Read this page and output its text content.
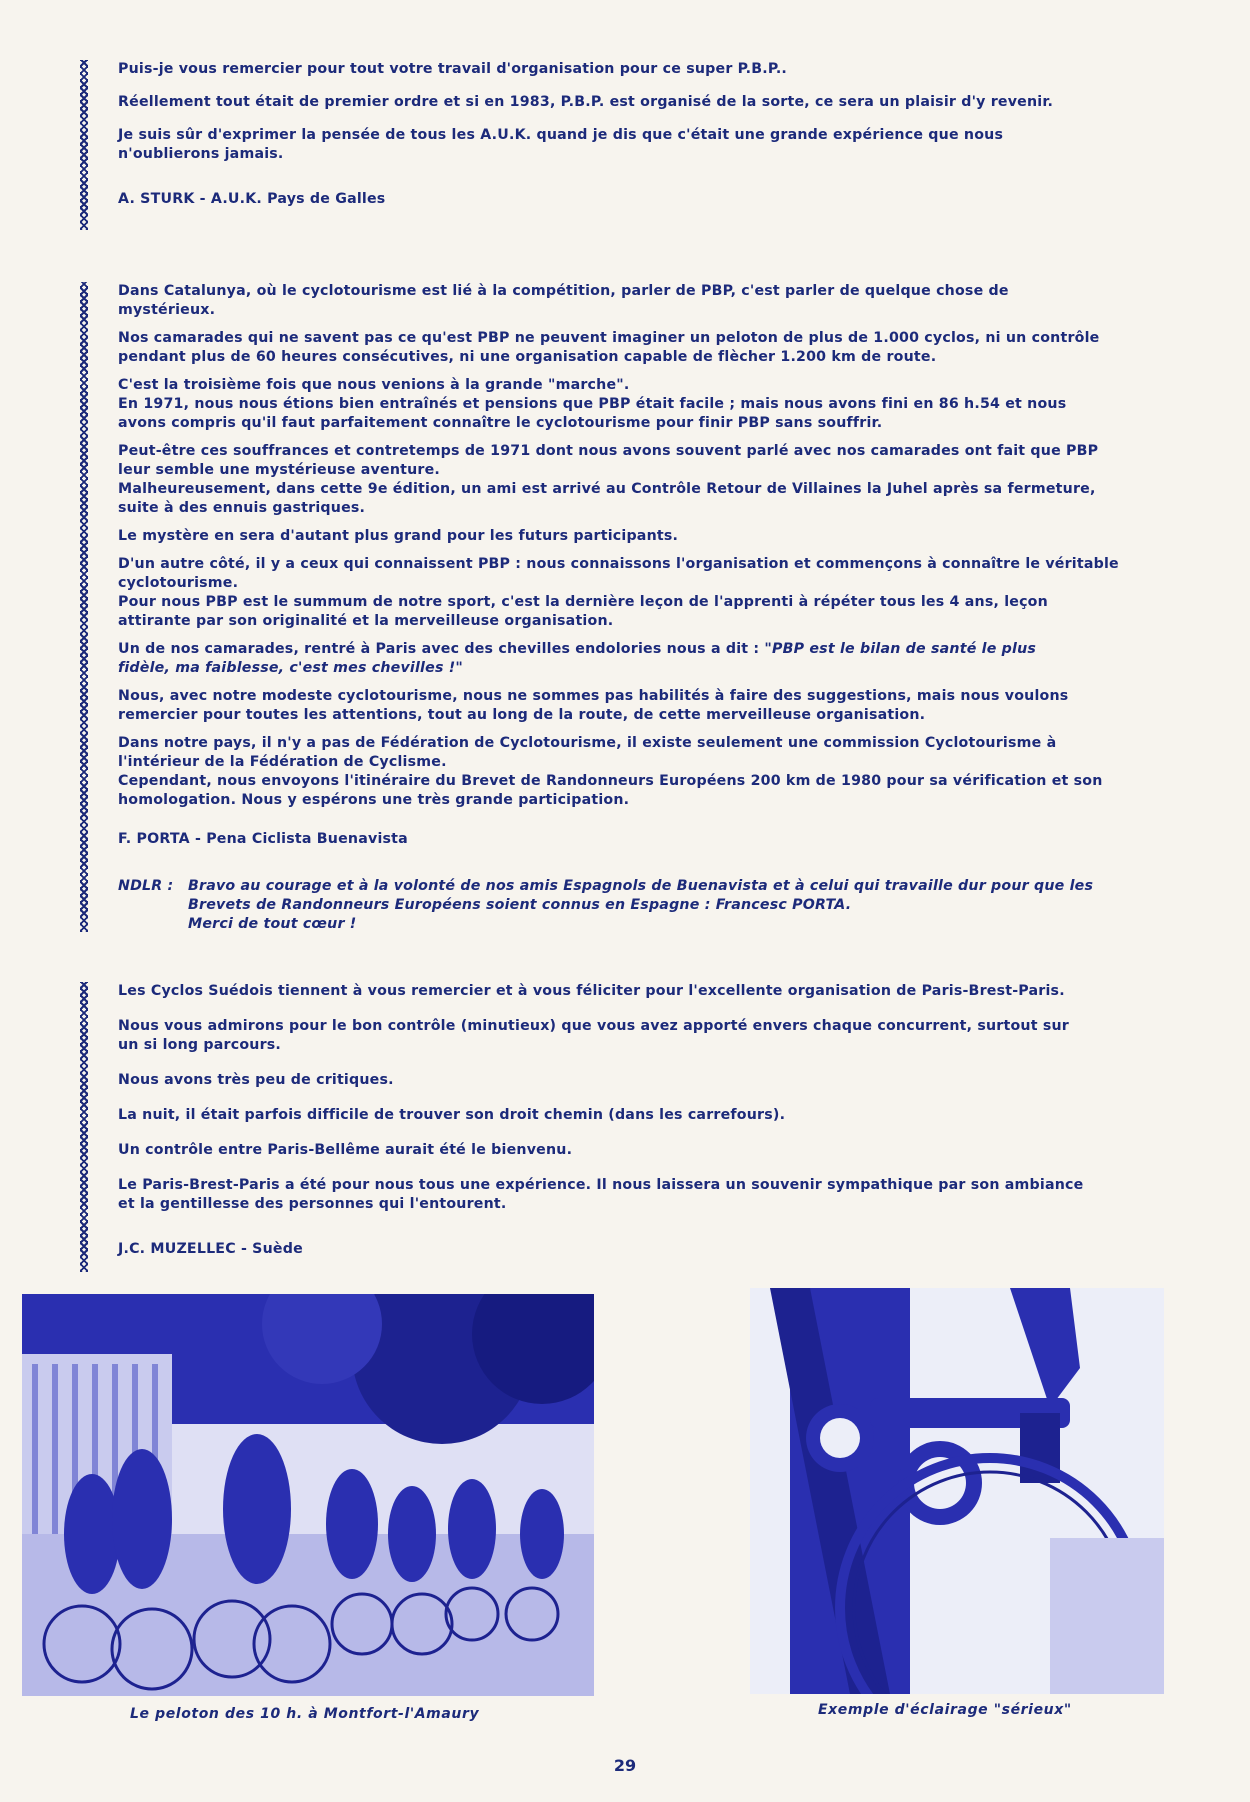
Puis-je vous remercier pour tout votre travail d'organisation pour ce super P.B.P..

Réellement tout était de premier ordre et si en 1983, P.B.P. est organisé de la sorte, ce sera un plaisir d'y revenir.

Je suis sûr d'exprimer la pensée de tous les A.U.K. quand je dis que c'était une grande expérience que nous
n'oublierons jamais.

A. STURK - A.U.K. Pays de Galles

Dans Catalunya, où le cyclotourisme est lié à la compétition, parler de PBP, c'est parler de quelque chose de
mystérieux.

Nos camarades qui ne savent pas ce qu'est PBP ne peuvent imaginer un peloton de plus de 1.000 cyclos, ni un contrôle
pendant plus de 60 heures consécutives, ni une organisation capable de flècher 1.200 km de route.

C'est la troisième fois que nous venions à la grande "marche".
En 1971, nous nous étions bien entraînés et pensions que PBP était facile ; mais nous avons fini en 86 h.54 et nous
avons compris qu'il faut parfaitement connaître le cyclotourisme pour finir PBP sans souffrir.

Peut-être ces souffrances et contretemps de 1971 dont nous avons souvent parlé avec nos camarades ont fait que PBP
leur semble une mystérieuse aventure.
Malheureusement, dans cette 9e édition, un ami est arrivé au Contrôle Retour de Villaines la Juhel après sa fermeture,
suite à des ennuis gastriques.

Le mystère en sera d'autant plus grand pour les futurs participants.

D'un autre côté, il y a ceux qui connaissent PBP : nous connaissons l'organisation et commençons à connaître le véritable
cyclotourisme.
Pour nous PBP est le summum de notre sport, c'est la dernière leçon de l'apprenti à répéter tous les 4 ans, leçon
attirante par son originalité et la merveilleuse organisation.

Un de nos camarades, rentré à Paris avec des chevilles endolories nous a dit : "PBP est le bilan de santé le plus
fidèle, ma faiblesse, c'est mes chevilles !"

Nous, avec notre modeste cyclotourisme, nous ne sommes pas habilités à faire des suggestions, mais nous voulons
remercier pour toutes les attentions, tout au long de la route, de cette merveilleuse organisation.

Dans notre pays, il n'y a pas de Fédération de Cyclotourisme, il existe seulement une commission Cyclotourisme à
l'intérieur de la Fédération de Cyclisme.
Cependant, nous envoyons l'itinéraire du Brevet de Randonneurs Européens 200 km de 1980 pour sa vérification et son
homologation. Nous y espérons une très grande participation.

F. PORTA - Pena Ciclista Buenavista

NDLR :	Bravo au courage et à la volonté de nos amis Espagnols de Buenavista et à celui qui travaille dur pour que les
Brevets de Randonneurs Européens soient connus en Espagne : Francesc PORTA.
Merci de tout cœur !

Les Cyclos Suédois tiennent à vous remercier et à vous féliciter pour l'excellente organisation de Paris-Brest-Paris.

Nous vous admirons pour le bon contrôle (minutieux) que vous avez apporté envers chaque concurrent, surtout sur
un si long parcours.

Nous avons très peu de critiques.

La nuit, il était parfois difficile de trouver son droit chemin (dans les carrefours).

Un contrôle entre Paris-Bellême aurait été le bienvenu.

Le Paris-Brest-Paris a été pour nous tous une expérience. Il nous laissera un souvenir sympathique par son ambiance
et la gentillesse des personnes qui l'entourent.

J.C. MUZELLEC - Suède

Le peloton des 10 h. à Montfort-l'Amaury	Exemple d'éclairage "sérieux"
29
